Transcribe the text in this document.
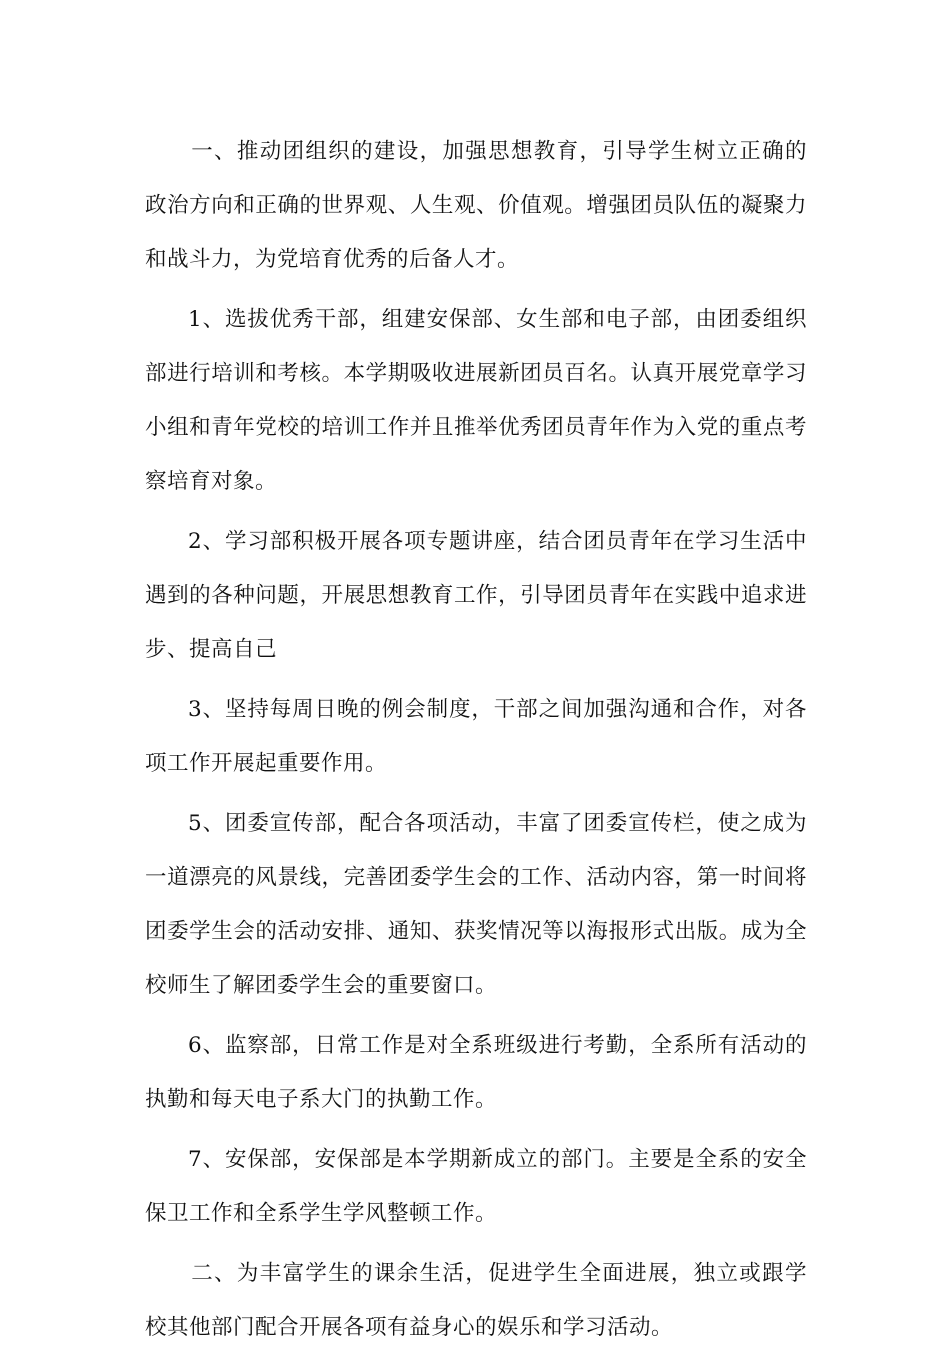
一、推动团组织的建设，加强思想教育，引导学生树立正确的政治方向和正确的世界观、人生观、价值观。增强团员队伍的凝聚力和战斗力，为党培育优秀的后备人才。

1、选拔优秀干部，组建安保部、女生部和电子部，由团委组织部进行培训和考核。本学期吸收进展新团员百名。认真开展党章学习小组和青年党校的培训工作并且推举优秀团员青年作为入党的重点考察培育对象。

2、学习部积极开展各项专题讲座，结合团员青年在学习生活中遇到的各种问题，开展思想教育工作，引导团员青年在实践中追求进步、提高自己

3、坚持每周日晚的例会制度，干部之间加强沟通和合作，对各项工作开展起重要作用。

5、团委宣传部，配合各项活动，丰富了团委宣传栏，使之成为一道漂亮的风景线，完善团委学生会的工作、活动内容，第一时间将团委学生会的活动安排、通知、获奖情况等以海报形式出版。成为全校师生了解团委学生会的重要窗口。

6、监察部，日常工作是对全系班级进行考勤，全系所有活动的执勤和每天电子系大门的执勤工作。

7、安保部，安保部是本学期新成立的部门。主要是全系的安全保卫工作和全系学生学风整顿工作。

二、为丰富学生的课余生活，促进学生全面进展，独立或跟学校其他部门配合开展各项有益身心的娱乐和学习活动。
